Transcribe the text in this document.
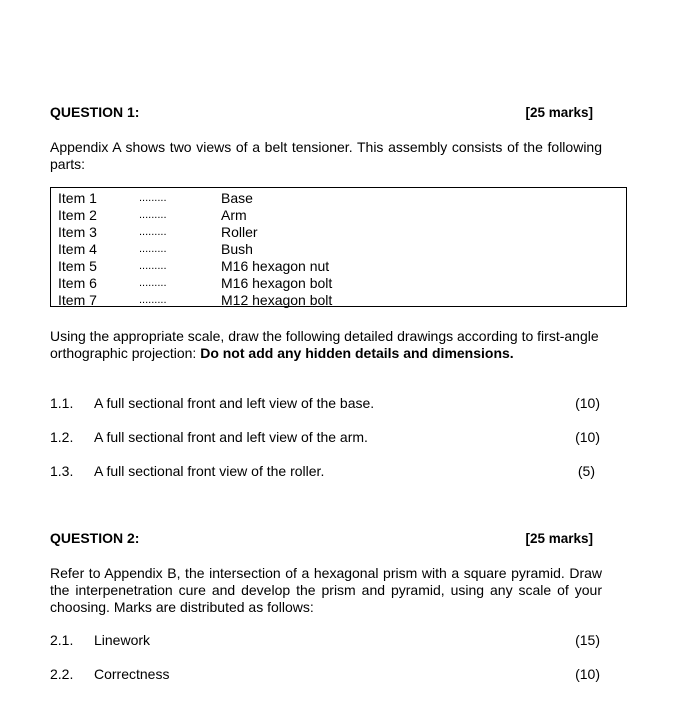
QUESTION 1:	[25 marks]
Appendix A shows two views of a belt tensioner. This assembly consists of the following parts:
Item 1	.........	Base
Item 2	.........	Arm
Item 3	.........	Roller
Item 4	.........	Bush
Item 5	.........	M16 hexagon nut
Item 6	.........	M16 hexagon bolt
Item 7	.........	M12 hexagon bolt
Using the appropriate scale, draw the following detailed drawings according to first-angle orthographic projection: Do not add any hidden details and dimensions.
1.1. A full sectional front and left view of the base.	(10)
1.2. A full sectional front and left view of the arm.	(10)
1.3. A full sectional front view of the roller.	(5)
QUESTION 2:	[25 marks]
Refer to Appendix B, the intersection of a hexagonal prism with a square pyramid. Draw the interpenetration cure and develop the prism and pyramid, using any scale of your choosing. Marks are distributed as follows:
2.1. Linework	(15)
2.2. Correctness	(10)
